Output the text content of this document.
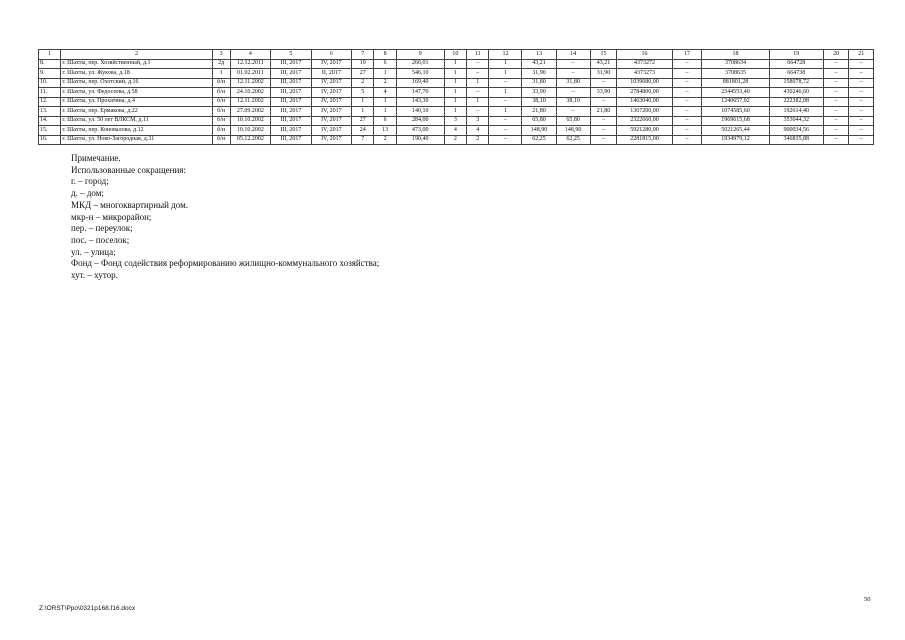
1	2	3	4	5	6	7	8	9	10	11	12	13	14	15	16	17	18	19	20	21
8.	г. Шахты, пер. Хозяйственный, д.1	2д	12.12.2011	III, 2017	IV, 2017	19	6	266,01	1	–	1	43,21	–	43,21	4373272	–	3708634	664728	–	–
9.	г. Шахты, ул. Жукова, д.18	1	01.02.2011	III, 2017	II, 2017	27	1	546,10	1	–	1	31,90	–	31,90	4373273	–	3708635	664738	–	–
10.	г. Шахты, пер. Охотский, д.16	б/н	12.11.2002	III, 2017	IV, 2017	2	2	169,40	1	1	–	31,80	31,80	–	1039680,00	–	881801,28	158078,72	–	–
11.	г. Шахты, ул. Федосеева, д.58	б/н	24.10.2002	III, 2017	IV, 2017	5	4	147,70	1	–	1	33,90	–	33,90	2784800,00	–	2344553,40	430246,60	–	–
12.	г. Шахты, ул. Прохатина, д.4	б/н	12.11.2002	III, 2017	IV, 2017	1	1	143,30	1	1	–	38,10	38,10	–	1463040,00	–	1240657,92	222382,08	–	–
13.	г. Шахты, пер. Ермакова, д.22	б/н	27.09.2002	III, 2017	IV, 2017	1	1	140,10	1	–	1	21,80	–	21,80	1367200,00	–	1074585,60	192614,40	–	–
14.	г. Шахты, ул. 50 лет ВЛКСМ, д.11	б/н	10.10.2002	III, 2017	IV, 2017	27	6	284,00	3	3	–	65,80	65,80	–	2322660,00	–	1969615,68	353044,32	–	–
15.	г. Шахты, пер. Коновалова, д.12	б/н	10.10.2002	III, 2017	IV, 2017	24	13	473,00	4	4	–	148,90	148,90	–	5921280,00	–	5021265,44	900034,56	–	–
16.	г. Шахты, ул. Ново-Загородная, д.31	б/н	05.12.2002	III, 2017	IV, 2017	7	2	190,40	2	2	–	62,25	62,25	–	2281815,00	–	1934979,12	346835,88	–	–
Примечание.
Использованные сокращения:
г. – город;
д. – дом;
МКД – многоквартирный дом.
мкр-н – микрорайон;
пер. – переулок;
пос. – поселок;
ул. – улица;
Фонд – Фонд содействия реформированию жилищно-коммунального хозяйства;
хут. – хутор.
50
Z:\ORST\Ppo\0321p168.f16.docx
